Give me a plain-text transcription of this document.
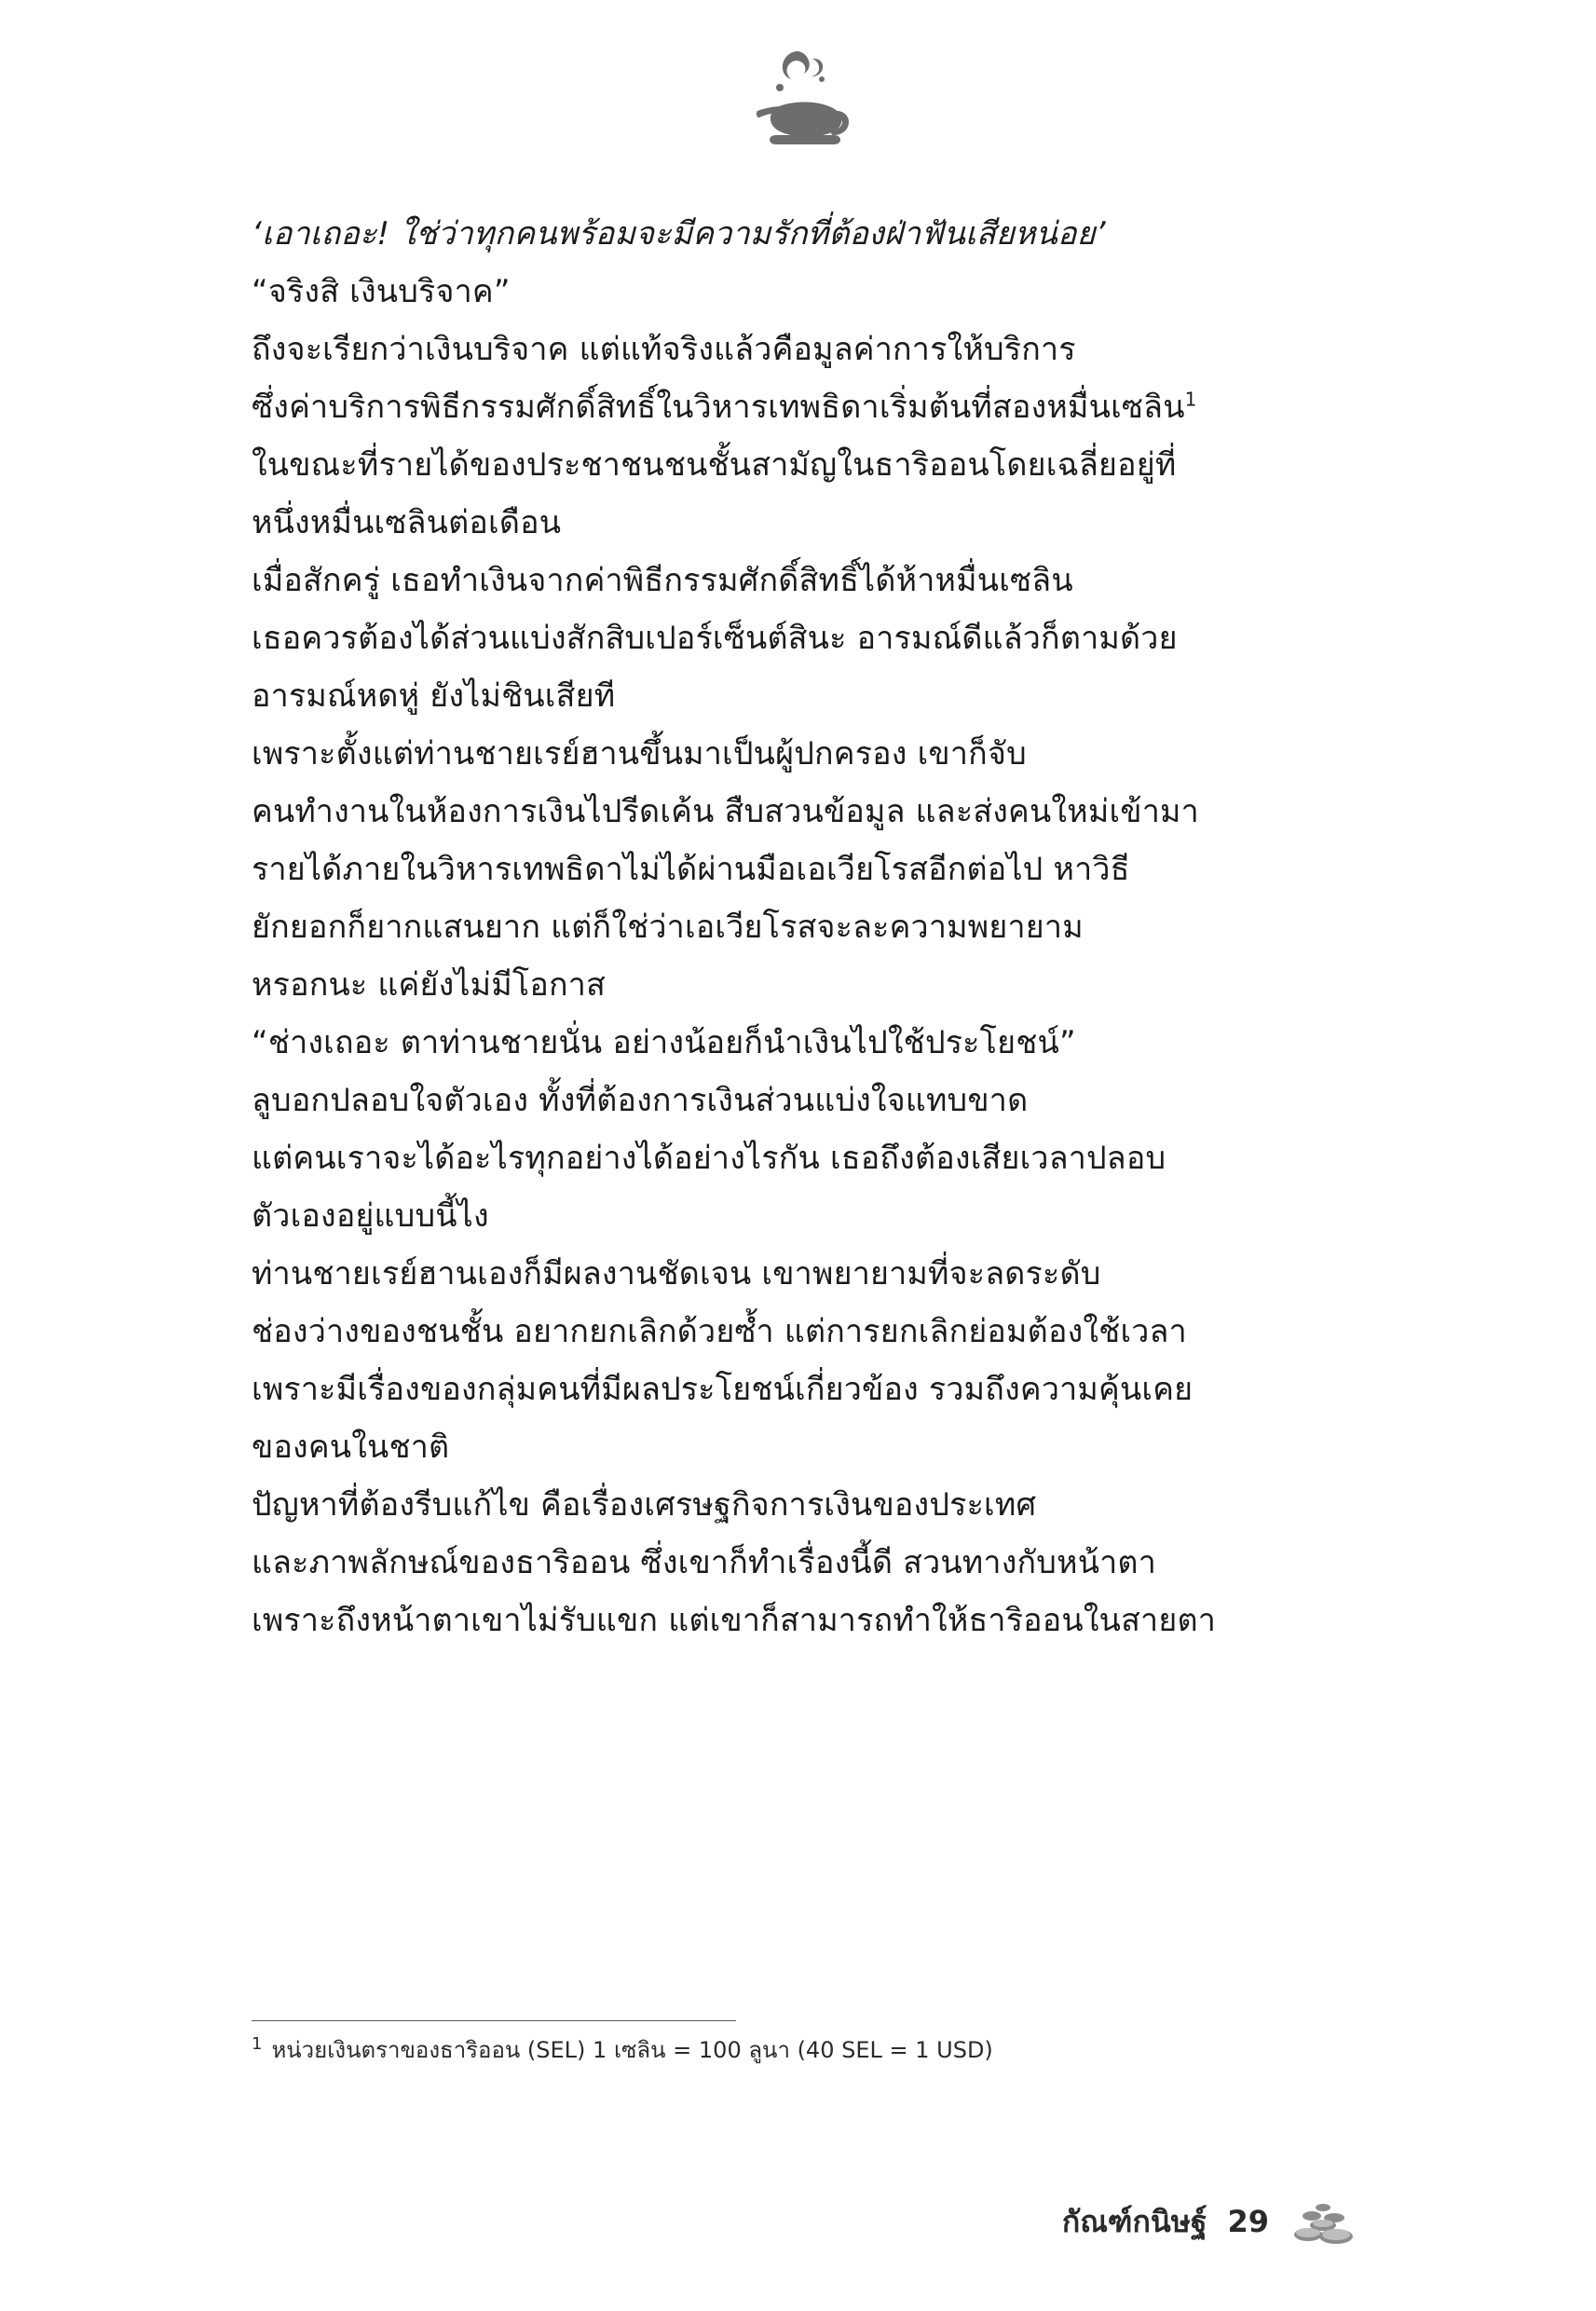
‘เอาเถอะ! ใช่ว่าทุกคนพร้อมจะมีความรักที่ต้องฝ่าฟันเสียหน่อย’

“จริงสิ เงินบริจาค”

ถึงจะเรียกว่าเงินบริจาค แต่แท้จริงแล้วคือมูลค่าการให้บริการ ซึ่งค่าบริการพิธีกรรมศักดิ์สิทธิ์ในวิหารเทพธิดาเริ่มต้นที่สองหมื่นเซลิน$^1$ ในขณะที่รายได้ของประชาชนชนชั้นสามัญในธาริออนโดยเฉลี่ยอยู่ที่ หนึ่งหมื่นเซลินต่อเดือน

เมื่อสักครู่ เธอทำเงินจากค่าพิธีกรรมศักดิ์สิทธิ์ได้ห้าหมื่นเซลิน เธอควรต้องได้ส่วนแบ่งสักสิบเปอร์เซ็นต์สินะ อารมณ์ดีแล้วก็ตามด้วย อารมณ์หดหู่ ยังไม่ชินเสียที

เพราะตั้งแต่ท่านชายเรย์ฮานขึ้นมาเป็นผู้ปกครอง เขาก็จับ คนทำงานในห้องการเงินไปรีดเค้น สืบสวนข้อมูล และส่งคนใหม่เข้ามา รายได้ภายในวิหารเทพธิดาไม่ได้ผ่านมือเอเวียโรสอีกต่อไป หาวิธี ยักยอกก็ยากแสนยาก แต่ก็ใช่ว่าเอเวียโรสจะละความพยายาม หรอกนะ แค่ยังไม่มีโอกาส

“ช่างเถอะ ตาท่านชายนั่น อย่างน้อยก็นำเงินไปใช้ประโยชน์”

ลูบอกปลอบใจตัวเอง ทั้งที่ต้องการเงินส่วนแบ่งใจแทบขาด แต่คนเราจะได้อะไรทุกอย่างได้อย่างไรกัน เธอถึงต้องเสียเวลาปลอบ ตัวเองอยู่แบบนี้ไง

ท่านชายเรย์ฮานเองก็มีผลงานชัดเจน เขาพยายามที่จะลดระดับ ช่องว่างของชนชั้น อยากยกเลิกด้วยซ้ำ แต่การยกเลิกย่อมต้องใช้เวลา เพราะมีเรื่องของกลุ่มคนที่มีผลประโยชน์เกี่ยวข้อง รวมถึงความคุ้นเคย ของคนในชาติ

ปัญหาที่ต้องรีบแก้ไข คือเรื่องเศรษฐกิจการเงินของประเทศ และภาพลักษณ์ของธาริออน ซึ่งเขาก็ทำเรื่องนี้ดี สวนทางกับหน้าตา เพราะถึงหน้าตาเขาไม่รับแขก แต่เขาก็สามารถทำให้ธาริออนในสายตา

$^1$ หน่วยเงินตราของธาริออน (SEL) 1 เซลิน = 100 ลูนา (40 SEL = 1 USD)
กัณฑ์กนิษฐ์ 29
